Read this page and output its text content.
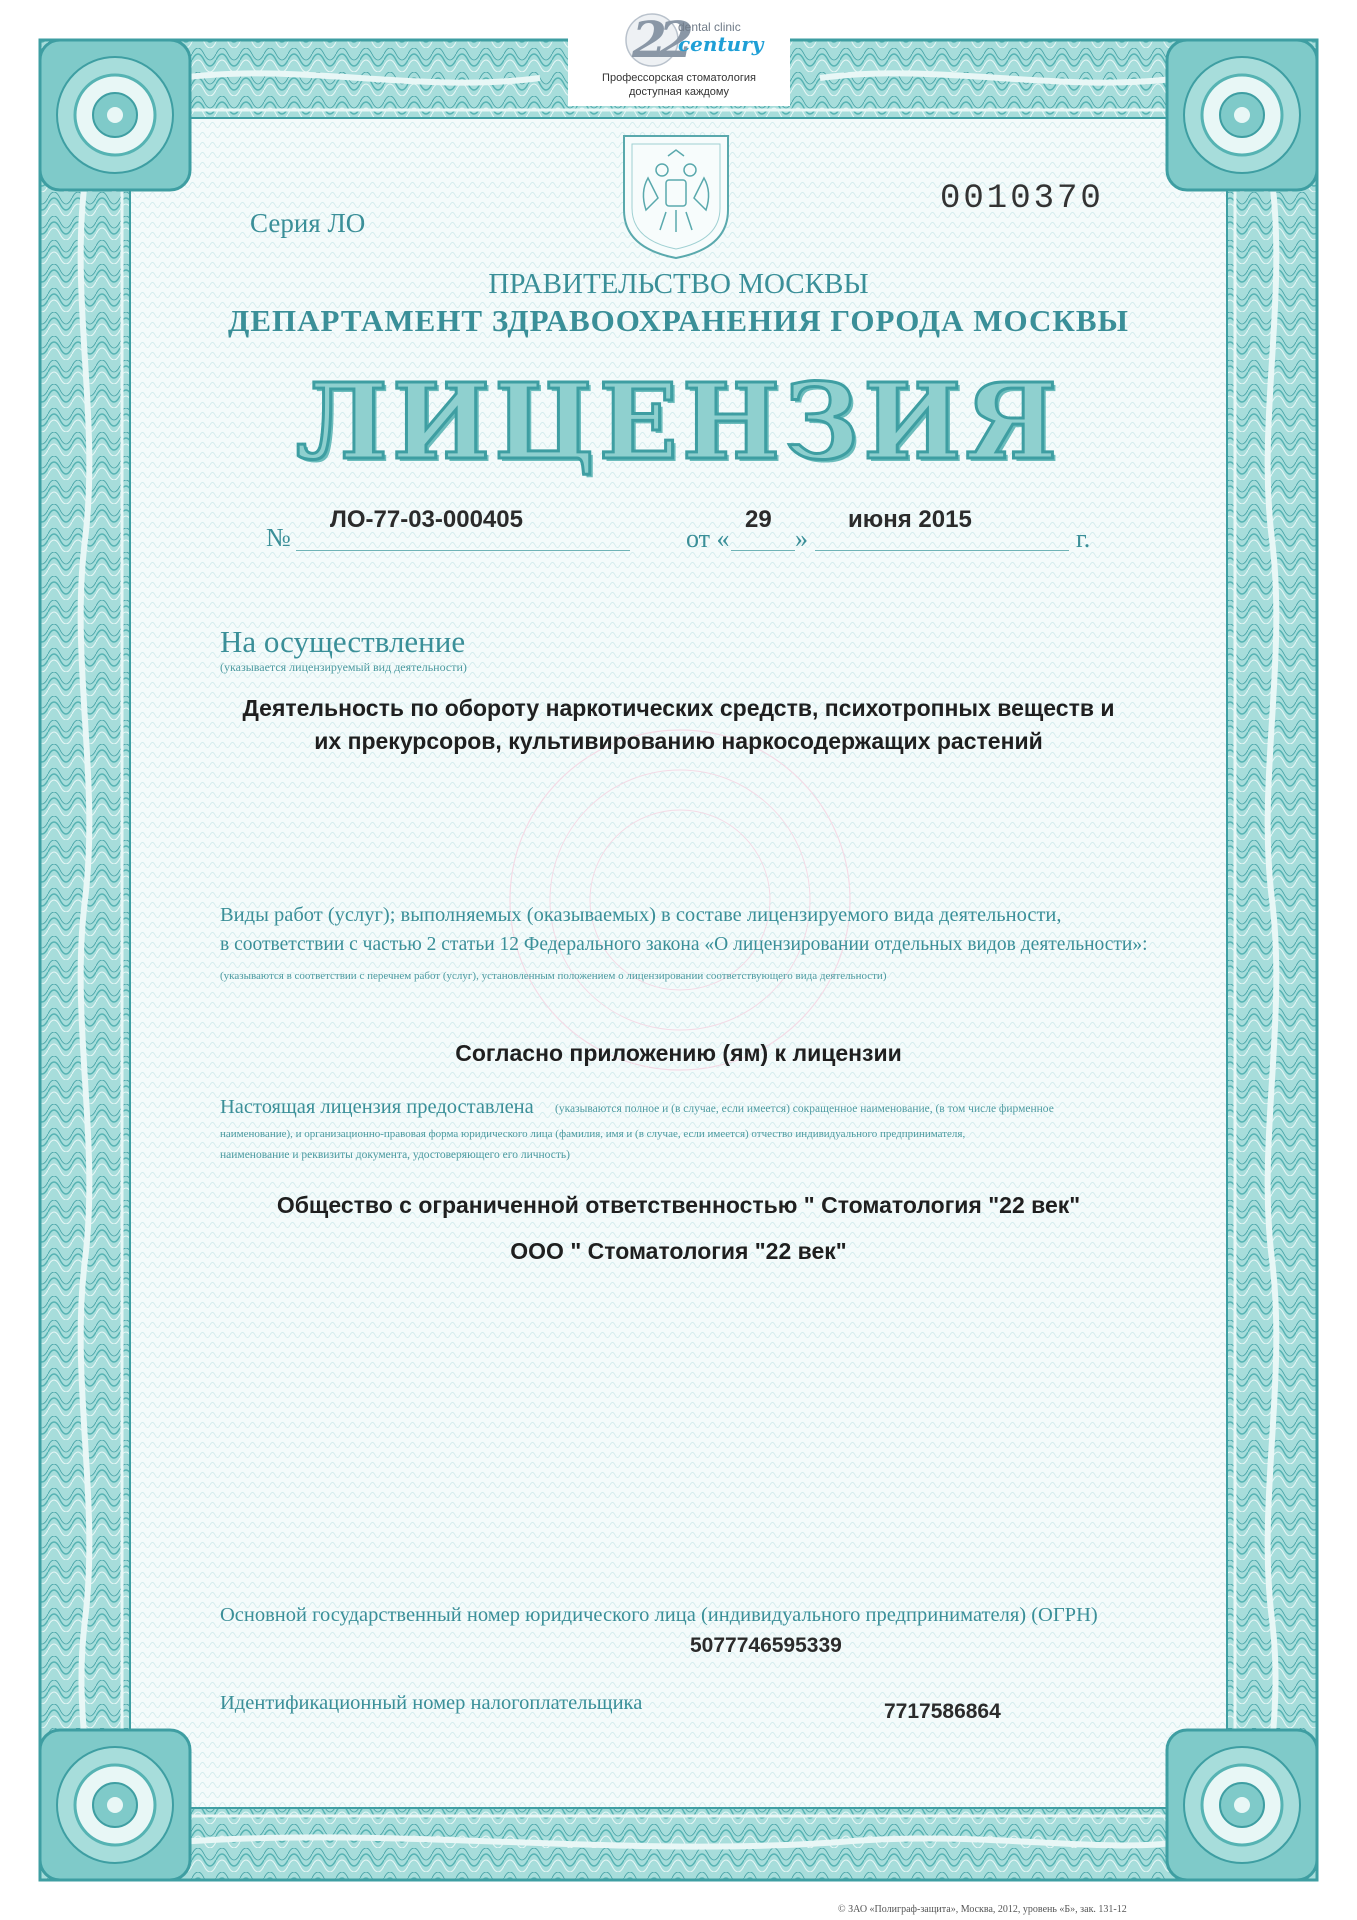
22
dental clinic
century
Профессорская стоматология
доступная каждому
Серия ЛО
0010370
ПРАВИТЕЛЬСТВО МОСКВЫ
ДЕПАРТАМЕНТ ЗДРАВООХРАНЕНИЯ ГОРОДА МОСКВЫ
ЛИЦЕНЗИЯ
№
ЛО-77-03-000405
от «
29
»
июня 2015
г.
На осуществление
(указывается лицензируемый вид деятельности)
Деятельность по обороту наркотических средств, психотропных веществ и
их прекурсоров, культивированию наркосодержащих растений
Виды работ (услуг); выполняемых (оказываемых) в составе лицензируемого вида деятельности,
в соответствии с частью 2 статьи 12 Федерального закона «О лицензировании отдельных видов деятельности»:
(указываются в соответствии с перечнем работ (услуг), установленным положением о лицензировании соответствующего вида деятельности)
Согласно приложению (ям) к лицензии
Настоящая лицензия предоставлена (указываются полное и (в случае, если имеется) сокращенное наименование, (в том числе фирменное
наименование), и организационно-правовая форма юридического лица (фамилия, имя и (в случае, если имеется) отчество индивидуального предпринимателя,
наименование и реквизиты документа, удостоверяющего его личность)
Общество с ограниченной ответственностью " Стоматология "22 век"
ООО " Стоматология "22 век"
Основной государственный номер юридического лица (индивидуального предпринимателя) (ОГРН)
5077746595339
Идентификационный номер налогоплательщика	7717586864
© ЗАО «Полиграф-защита», Москва, 2012, уровень «Б», зак. 131-12
